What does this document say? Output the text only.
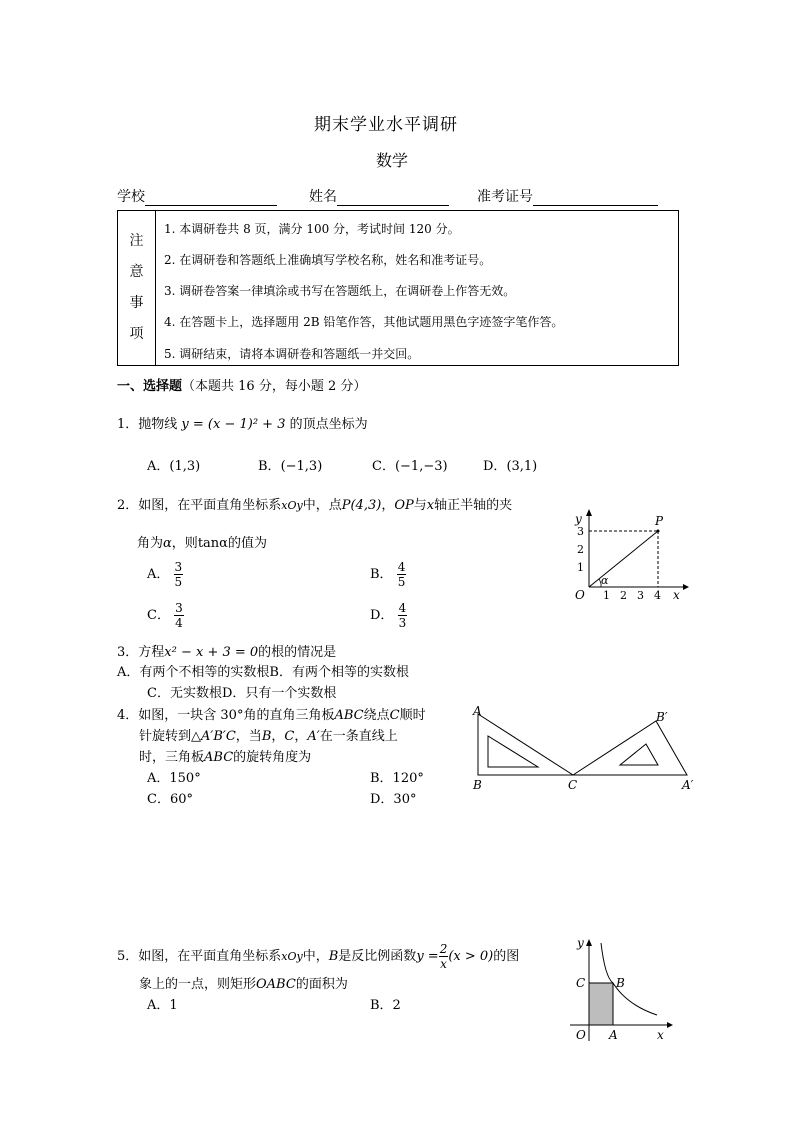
期末学业水平调研
数学
学校	姓名	准考证号
注
意
事
项
1. 本调研卷共 8 页，满分 100 分，考试时间 120 分。
2. 在调研卷和答题纸上准确填写学校名称，姓名和准考证号。
3. 调研卷答案一律填涂或书写在答题纸上，在调研卷上作答无效。
4. 在答题卡上，选择题用 2B 铅笔作答，其他试题用黑色字迹签字笔作答。
5. 调研结束，请将本调研卷和答题纸一并交回。
一、选择题（本题共 16 分，每小题 2 分）
1．抛物线 y = (x − 1)² + 3 的顶点坐标为
A．(1,3)	B．(−1,3)	C．(−1,−3)	D．(3,1)
2．如图，在平面直角坐标系xOy中，点P(4,3)，OP与x轴正半轴的夹
角为α，则tanα的值为
A． $\frac{3}{5}$	B． $\frac{4}{5}$
C． $\frac{3}{4}$	D． $\frac{4}{3}$
y
x
O
P
α
1 2 3 4
1
2
3
3．方程x² − x + 3 = 0的根的情况是
A．有两个不相等的实数根B．有两个相等的实数根
C．无实数根D．只有一个实数根
4．如图，一块含 30°角的直角三角板ABC绕点C顺时
针旋转到△A′B′C，当B，C，A′在一条直线上
时，三角板ABC的旋转角度为
A．150°	B．120°
C．60°	D．30°
A
B	C
B′
A′
5．如图，在平面直角坐标系xOy中，B是反比例函数$y = \frac{2}{x} (x > 0)$的图
象上的一点，则矩形OABC的面积为
A．1	B．2
y
x
O A
B
C
